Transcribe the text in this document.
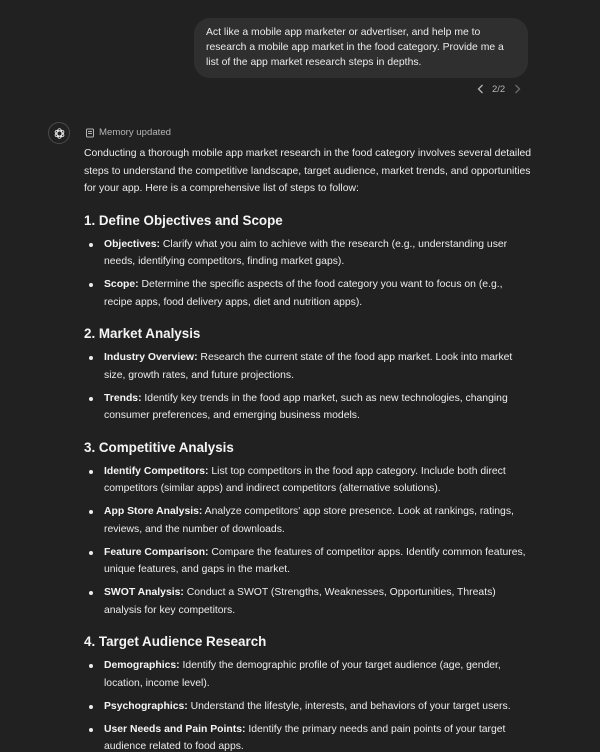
Act like a mobile app marketer or advertiser, and help me to research a mobile app market in the food category. Provide me a list of the app market research steps in depths.
2/2
Memory updated

Conducting a thorough mobile app market research in the food category involves several detailed steps to understand the competitive landscape, target audience, market trends, and opportunities for your app. Here is a comprehensive list of steps to follow:

1. Define Objectives and Scope
Objectives: Clarify what you aim to achieve with the research (e.g., understanding user needs, identifying competitors, finding market gaps).
Scope: Determine the specific aspects of the food category you want to focus on (e.g., recipe apps, food delivery apps, diet and nutrition apps).
2. Market Analysis
Industry Overview: Research the current state of the food app market. Look into market size, growth rates, and future projections.
Trends: Identify key trends in the food app market, such as new technologies, changing consumer preferences, and emerging business models.
3. Competitive Analysis
Identify Competitors: List top competitors in the food app category. Include both direct competitors (similar apps) and indirect competitors (alternative solutions).
App Store Analysis: Analyze competitors' app store presence. Look at rankings, ratings, reviews, and the number of downloads.
Feature Comparison: Compare the features of competitor apps. Identify common features, unique features, and gaps in the market.
SWOT Analysis: Conduct a SWOT (Strengths, Weaknesses, Opportunities, Threats) analysis for key competitors.
4. Target Audience Research
Demographics: Identify the demographic profile of your target audience (age, gender, location, income level).
Psychographics: Understand the lifestyle, interests, and behaviors of your target users.
User Needs and Pain Points: Identify the primary needs and pain points of your target audience related to food apps.
